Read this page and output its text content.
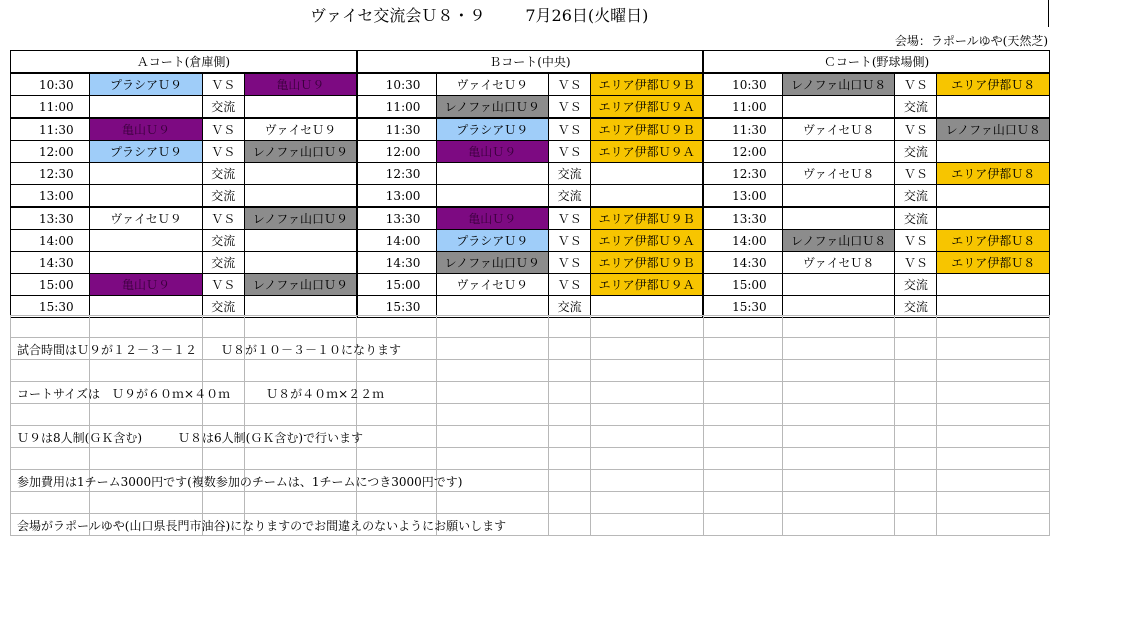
ヴァイセ交流会Ｕ８・９	7月26日(火曜日)
会場：ラポールゆや(天然芝)
Ａコート(倉庫側)				Ｂコート(中央)				Ｃコート(野球場側)			
10:30	プラシアＵ９	ＶＳ	亀山Ｕ９	10:30	ヴァイセＵ９	ＶＳ	エリア伊都Ｕ９Ｂ	10:30	レノファ山口Ｕ８	ＶＳ	エリア伊都Ｕ８
11:00		交流		11:00	レノファ山口Ｕ９	ＶＳ	エリア伊都Ｕ９Ａ	11:00		交流	
11:30	亀山Ｕ９	ＶＳ	ヴァイセＵ９	11:30	プラシアＵ９	ＶＳ	エリア伊都Ｕ９Ｂ	11:30	ヴァイセＵ８	ＶＳ	レノファ山口Ｕ８
12:00	プラシアＵ９	ＶＳ	レノファ山口Ｕ９	12:00	亀山Ｕ９	ＶＳ	エリア伊都Ｕ９Ａ	12:00		交流	
12:30		交流		12:30		交流		12:30	ヴァイセＵ８	ＶＳ	エリア伊都Ｕ８
13:00		交流		13:00		交流		13:00		交流	
13:30	ヴァイセＵ９	ＶＳ	レノファ山口Ｕ９	13:30	亀山Ｕ９	ＶＳ	エリア伊都Ｕ９Ｂ	13:30		交流	
14:00		交流		14:00	プラシアＵ９	ＶＳ	エリア伊都Ｕ９Ａ	14:00	レノファ山口Ｕ８	ＶＳ	エリア伊都Ｕ８
14:30		交流		14:30	レノファ山口Ｕ９	ＶＳ	エリア伊都Ｕ９Ｂ	14:30	ヴァイセＵ８	ＶＳ	エリア伊都Ｕ８
15:00	亀山Ｕ９	ＶＳ	レノファ山口Ｕ９	15:00	ヴァイセＵ９	ＶＳ	エリア伊都Ｕ９Ａ	15:00		交流	
15:30		交流		15:30		交流		15:30		交流	

試合時間はＵ９が１２－３－１２　　Ｕ８が１０－３－１０になります											

コートサイズは　Ｕ９が６０ｍ×４０ｍ　　　Ｕ８が４０ｍ×２２ｍ											

Ｕ９は8人制(ＧＫ含む)　　　Ｕ８は6人制(ＧＫ含む)で行います											

参加費用は1チーム3000円です(複数参加のチームは、1チームにつき3000円です)											

会場がラポールゆや(山口県長門市油谷)になりますのでお間違えのないようにお願いします											
